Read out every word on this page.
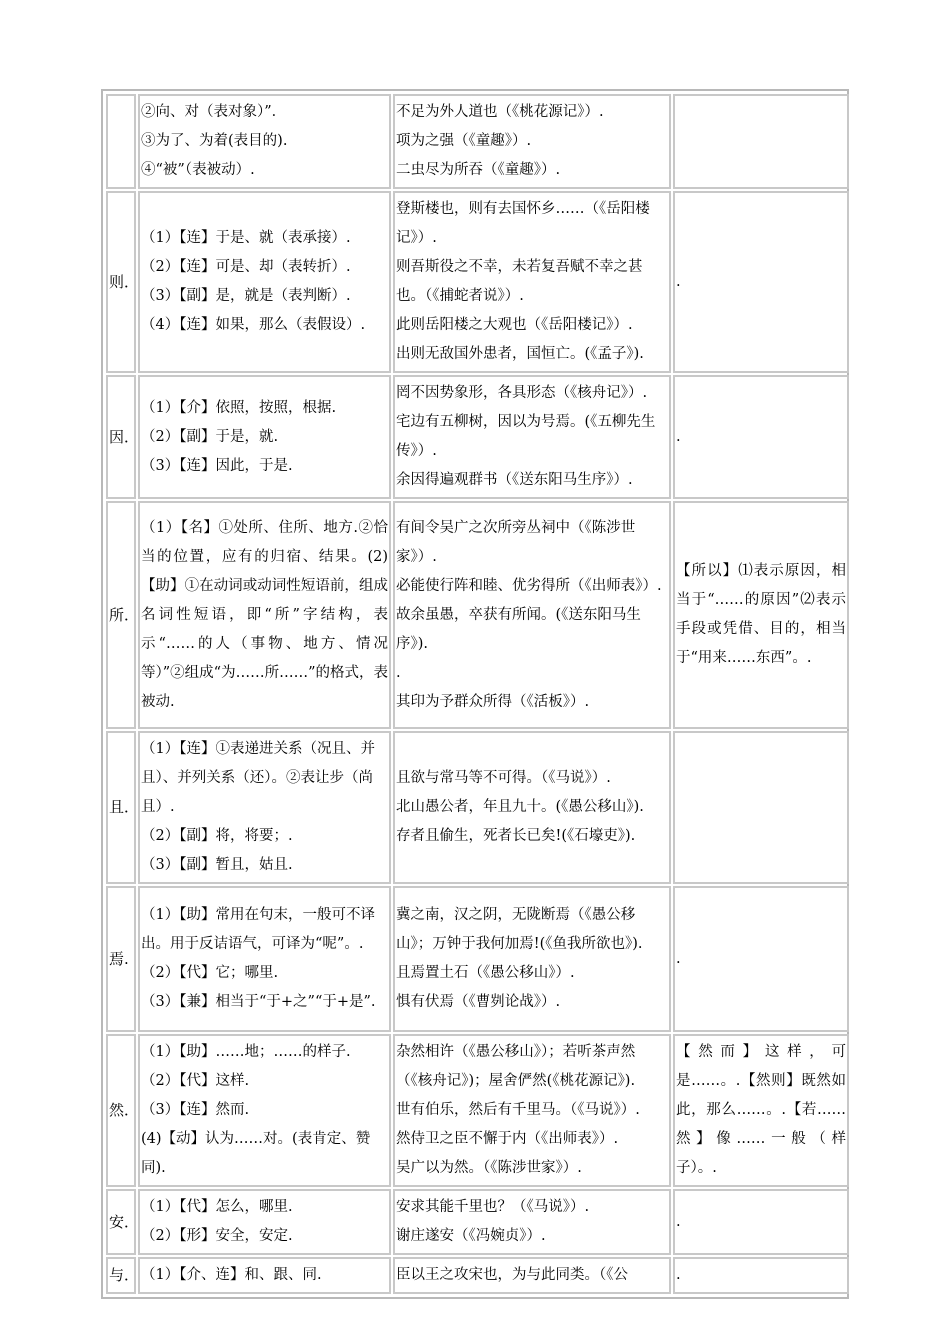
	②向、对（表对象）”．
③为了、为着(表目的).
④“被”（表被动）.	不足为外人道也（《桃花源记》）.
项为之强（《童趣》）.
二虫尽为所吞（《童趣》）.	

则．	（1）【连】于是、就（表承接）.
（2）【连】可是、却（表转折）.
（3）【副】是，就是（表判断）.
（4）【连】如果，那么（表假设）.	登斯楼也，则有去国怀乡……（《岳阳楼记》）.
则吾斯役之不幸，未若复吾赋不幸之甚也。（《捕蛇者说》）.
此则岳阳楼之大观也（《岳阳楼记》）.
出则无敌国外患者，国恒亡。(《孟子》).	.
因．	（1）【介】依照，按照，根据.
（2）【副】于是，就.
（3）【连】因此，于是.	罔不因势象形，各具形态（《核舟记》）.
宅边有五柳树，因以为号焉。(《五柳先生传》）.
余因得遍观群书（《送东阳马生序》）.	.
所．	（1）【名】①处所、住所、地方.②恰当的位置，应有的归宿、结果。(2)【助】①在动词或动词性短语前，组成名词性短语，即“所”字结构，表示“……的人（事物、地方、情况等）”②组成“为……所……”的格式，表被动.	有间令吴广之次所旁丛祠中（《陈涉世家》）.
必能使行阵和睦、优劣得所（《出师表》）.
故余虽愚，卒获有所闻。(《送东阳马生序》).
.
其印为予群众所得（《活板》）.	【所以】⑴表示原因，相当于“……的原因”⑵表示手段或凭借、目的，相当于“用来……东西”。.

且．	（1）【连】①表递进关系（况且、并且）、并列关系（还）。②表让步（尚且）.
（2）【副】将，将要；.
（3）【副】暂且，姑且.	且欲与常马等不可得。（《马说》）.
北山愚公者，年且九十。(《愚公移山》).
存者且偷生，死者长已矣!(《石壕吏》).	

焉.	（1）【助】常用在句末，一般可不译出。用于反诘语气，可译为“呢”。.
（2）【代】它；哪里.
（3）【兼】相当于“于+之”“于+是”.	冀之南，汉之阴，无陇断焉（《愚公移山》；万钟于我何加焉!(《鱼我所欲也》).
且焉置土石（《愚公移山》）.
惧有伏焉（《曹刿论战》）.	.
然．	（1）【助】……地；……的样子.
（2）【代】这样.
（3）【连】然而.
(4)【动】认为……对。(表肯定、赞同).	杂然相许（《愚公移山》）；若听茶声然（《核舟记》)；屋舍俨然(《桃花源记》).
世有伯乐，然后有千里马。（《马说》）.
然侍卫之臣不懈于内（《出师表》）.
吴广以为然。（《陈涉世家》）.	【然而】这样，可是……。.【然则】既然如此，那么……。.【若……然】像……一般（样子）。.

安．	（1）【代】怎么，哪里.
（2）【形】安全，安定.	安求其能千里也？（《马说》）.
谢庄遂安（《冯婉贞》）.	.
与．	（1）【介、连】和、跟、同.	臣以王之攻宋也，为与此同类。（《公	.
